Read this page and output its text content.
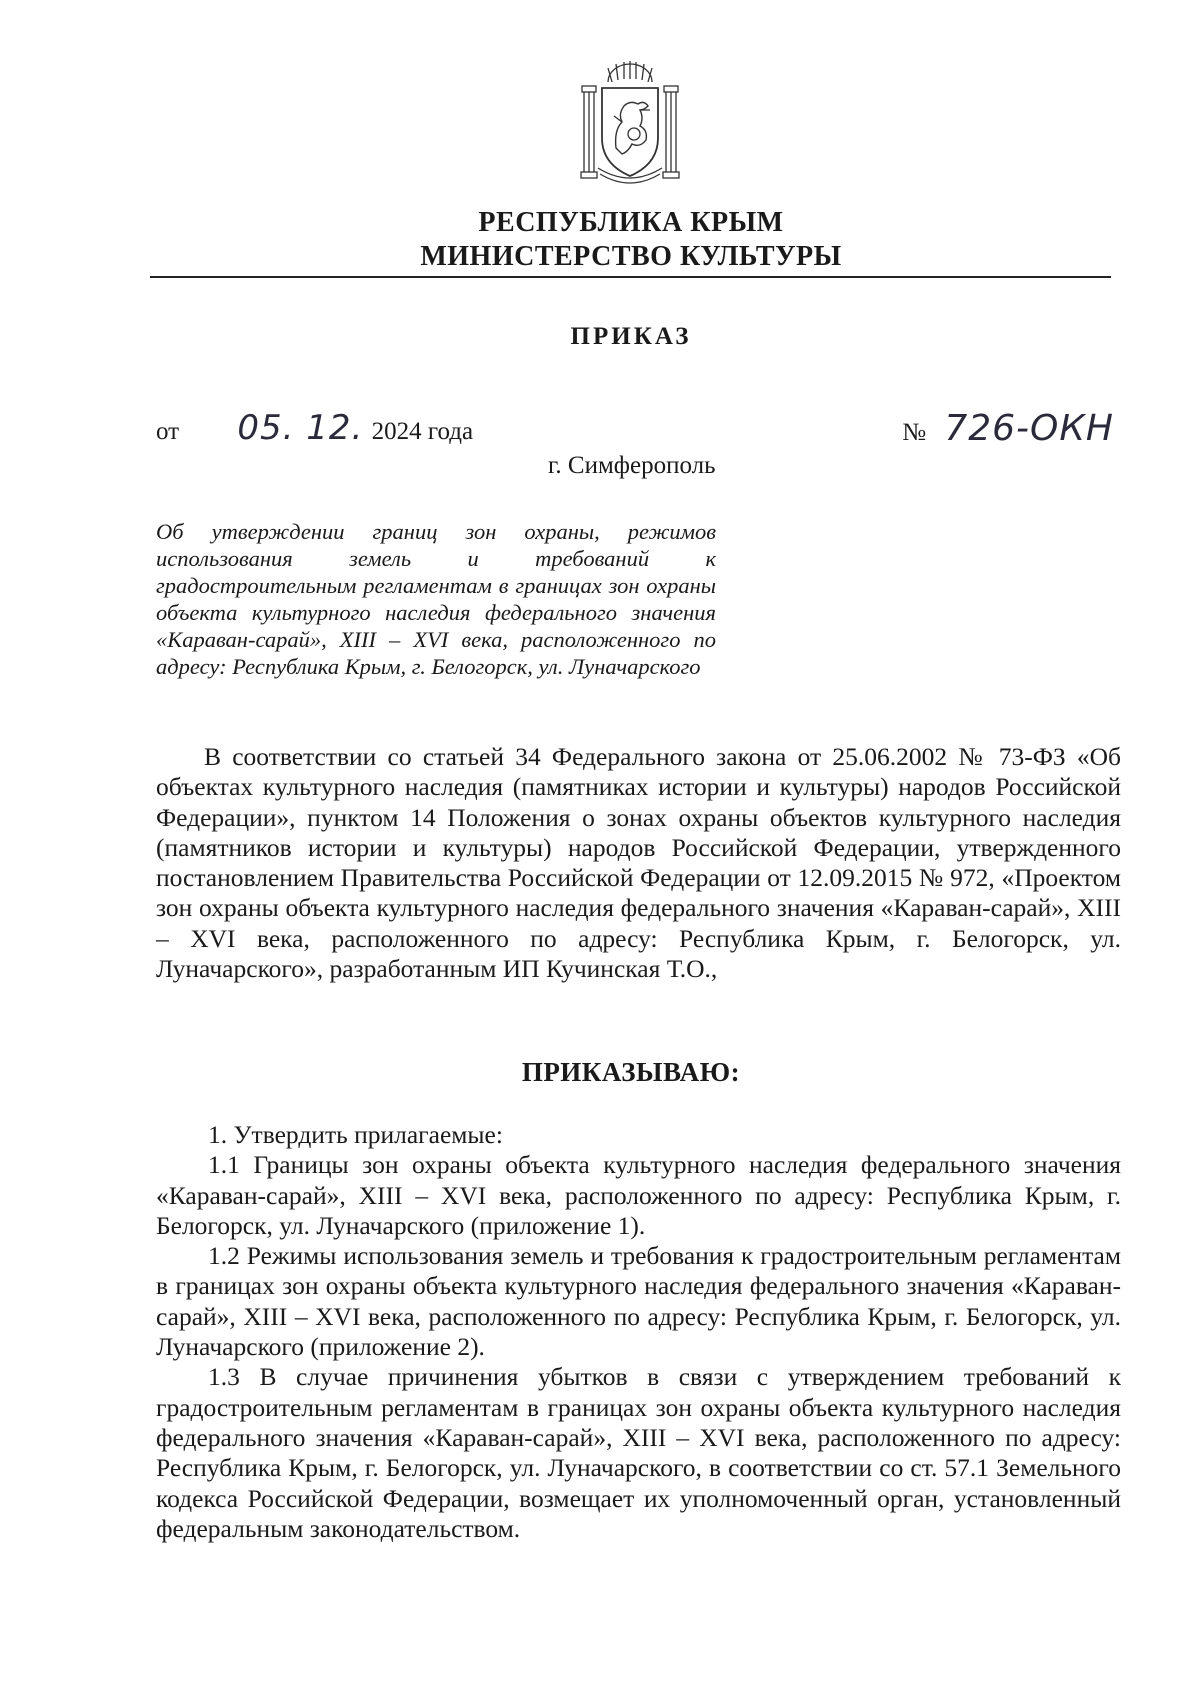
РЕСПУБЛИКА КРЫМ
МИНИСТЕРСТВО КУЛЬТУРЫ
ПРИКАЗ
от 05. 12. 2024 года	№ 726-ОКН
г. Симферополь
Об утверждении границ зон охраны, режимов использования земель и требований к градостроительным регламентам в границах зон охраны объекта культурного наследия федерального значения «Караван-сарай», XIII – XVI века, расположенного по адресу: Республика Крым, г. Белогорск, ул. Луначарского
В соответствии со статьей 34 Федерального закона от 25.06.2002 № 73-ФЗ «Об объектах культурного наследия (памятниках истории и культуры) народов Российской Федерации», пунктом 14 Положения о зонах охраны объектов культурного наследия (памятников истории и культуры) народов Российской Федерации, утвержденного постановлением Правительства Российской Федерации от 12.09.2015 № 972, «Проектом зон охраны объекта культурного наследия федерального значения «Караван-сарай», XIII – XVI века, расположенного по адресу: Республика Крым, г. Белогорск, ул. Луначарского», разработанным ИП Кучинская Т.О.,
ПРИКАЗЫВАЮ:

1. Утвердить прилагаемые:

1.1 Границы зон охраны объекта культурного наследия федерального значения «Караван-сарай», XIII – XVI века, расположенного по адресу: Республика Крым, г. Белогорск, ул. Луначарского (приложение 1).

1.2 Режимы использования земель и требования к градостроительным регламентам в границах зон охраны объекта культурного наследия федерального значения «Караван-сарай», XIII – XVI века, расположенного по адресу: Республика Крым, г. Белогорск, ул. Луначарского (приложение 2).

1.3 В случае причинения убытков в связи с утверждением требований к градостроительным регламентам в границах зон охраны объекта культурного наследия федерального значения «Караван-сарай», XIII – XVI века, расположенного по адресу: Республика Крым, г. Белогорск, ул. Луначарского, в соответствии со ст. 57.1 Земельного кодекса Российской Федерации, возмещает их уполномоченный орган, установленный федеральным законодательством.
